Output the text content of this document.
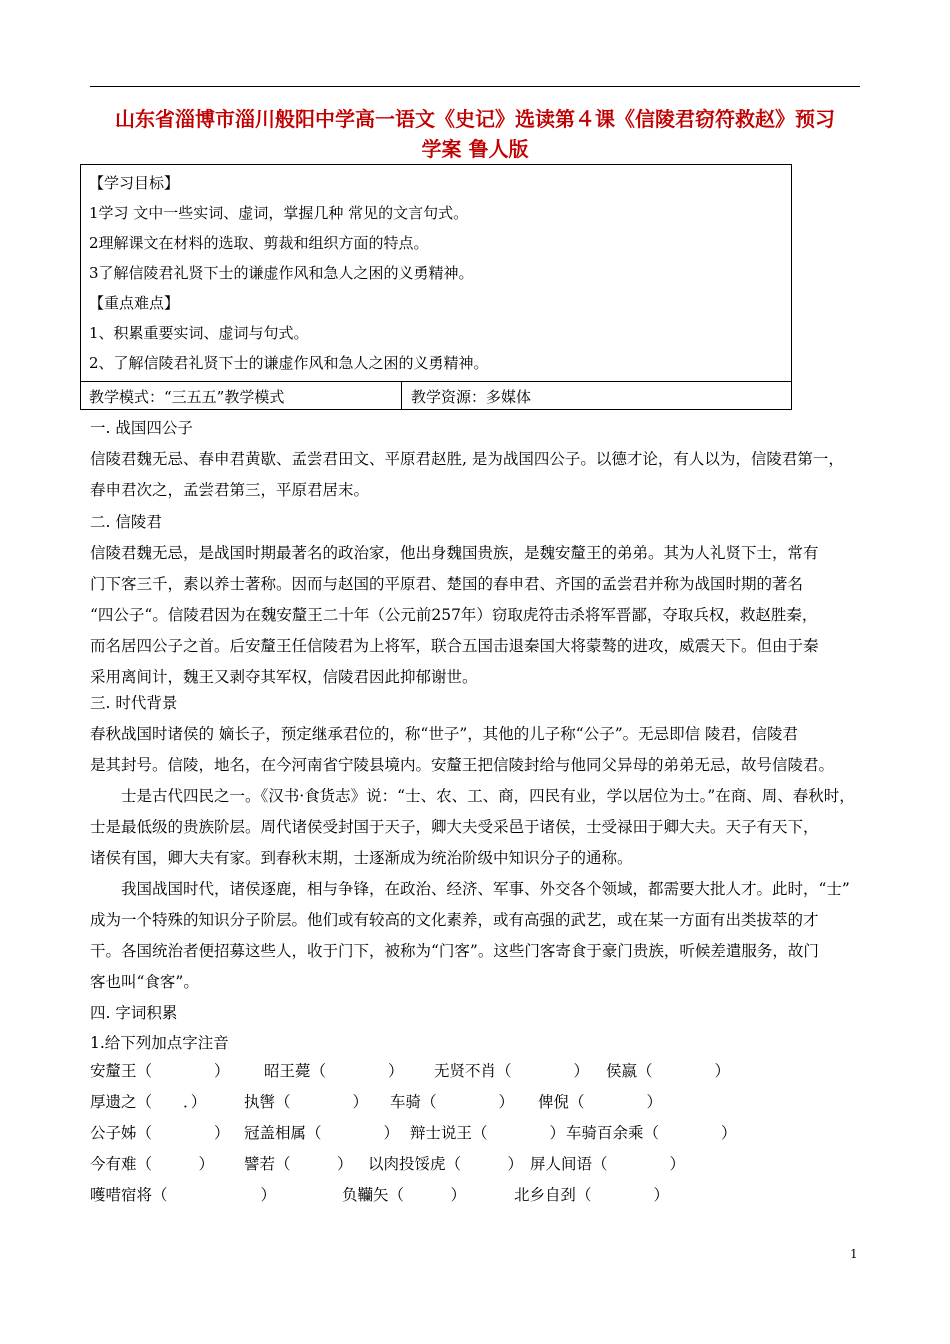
山东省淄博市淄川般阳中学高一语文《史记》选读第４课《信陵君窃符救赵》预习
学案 鲁人版
【学习目标】
1学习 文中一些实词、虚词，掌握几种 常见的文言句式。
2理解课文在材料的选取、剪裁和组织方面的特点。
3了解信陵君礼贤下士的谦虚作风和急人之困的义勇精神。
【重点难点】
1、积累重要实词、虚词与句式。
2、了解信陵君礼贤下士的谦虚作风和急人之困的义勇精神。
教学模式：“三五五”教学模式	教学资源：多媒体
一. 战国四公子
信陵君魏无忌、春申君黄歇、孟尝君田文、平原君赵胜, 是为战国四公子。以德才论，有人以为，信陵君第一，
春申君次之，孟尝君第三，平原君居末。
二. 信陵君
信陵君魏无忌，是战国时期最著名的政治家，他出身魏国贵族，是魏安釐王的弟弟。其为人礼贤下士，常有
门下客三千，素以养士著称。因而与赵国的平原君、楚国的春申君、齐国的孟尝君并称为战国时期的著名
“四公子“。信陵君因为在魏安釐王二十年（公元前257年）窃取虎符击杀将军晋鄙，夺取兵权，救赵胜秦，
而名居四公子之首。后安釐王任信陵君为上将军，联合五国击退秦国大将蒙骜的进攻，威震天下。但由于秦
采用离间计，魏王又剥夺其军权，信陵君因此抑郁谢世。
三. 时代背景
春秋战国时诸侯的 嫡长子，预定继承君位的，称“世子”，其他的儿子称“公子”。无忌即信 陵君，信陵君
是其封号。信陵，地名，在今河南省宁陵县境内。安釐王把信陵封给与他同父异母的弟弟无忌，故号信陵君。
　　士是古代四民之一。《汉书·食货志》说：“士、农、工、商，四民有业，学以居位为士。”在商、周、春秋时，
士是最低级的贵族阶层。周代诸侯受封国于天子，卿大夫受采邑于诸侯，士受禄田于卿大夫。天子有天下，
诸侯有国，卿大夫有家。到春秋末期，士逐渐成为统治阶级中知识分子的通称。
　　我国战国时代，诸侯逐鹿，相与争锋，在政治、经济、军事、外交各个领域，都需要大批人才。此时，“士”
成为一个特殊的知识分子阶层。他们或有较高的文化素养，或有高强的武艺，或在某一方面有出类拔萃的才
干。各国统治者便招募这些人，收于门下，被称为“门客”。这些门客寄食于豪门贵族，听候差遣服务，故门
客也叫“食客”。
四. 字词积累
1.给下列加点字注音
安釐王（　　　　） 昭王薨（　　　　） 无贤不肖（　　　　） 侯嬴（　　　　）
厚遗之（　　．） 执辔（　　　　） 车骑（　　　　） 俾倪（　　　　）
公子姊（　　　　） 冠盖相属（　　　　） 辩士说王（　　　　） 车骑百余乘（　　　　）
今有难（　　　） 譬若（　　　） 以肉投馁虎（　　　） 屏人间语（　　　　）
嚄唶宿将（　　　　　　）	负韊矢（　　　）	北乡自刭（　　　　）
1
